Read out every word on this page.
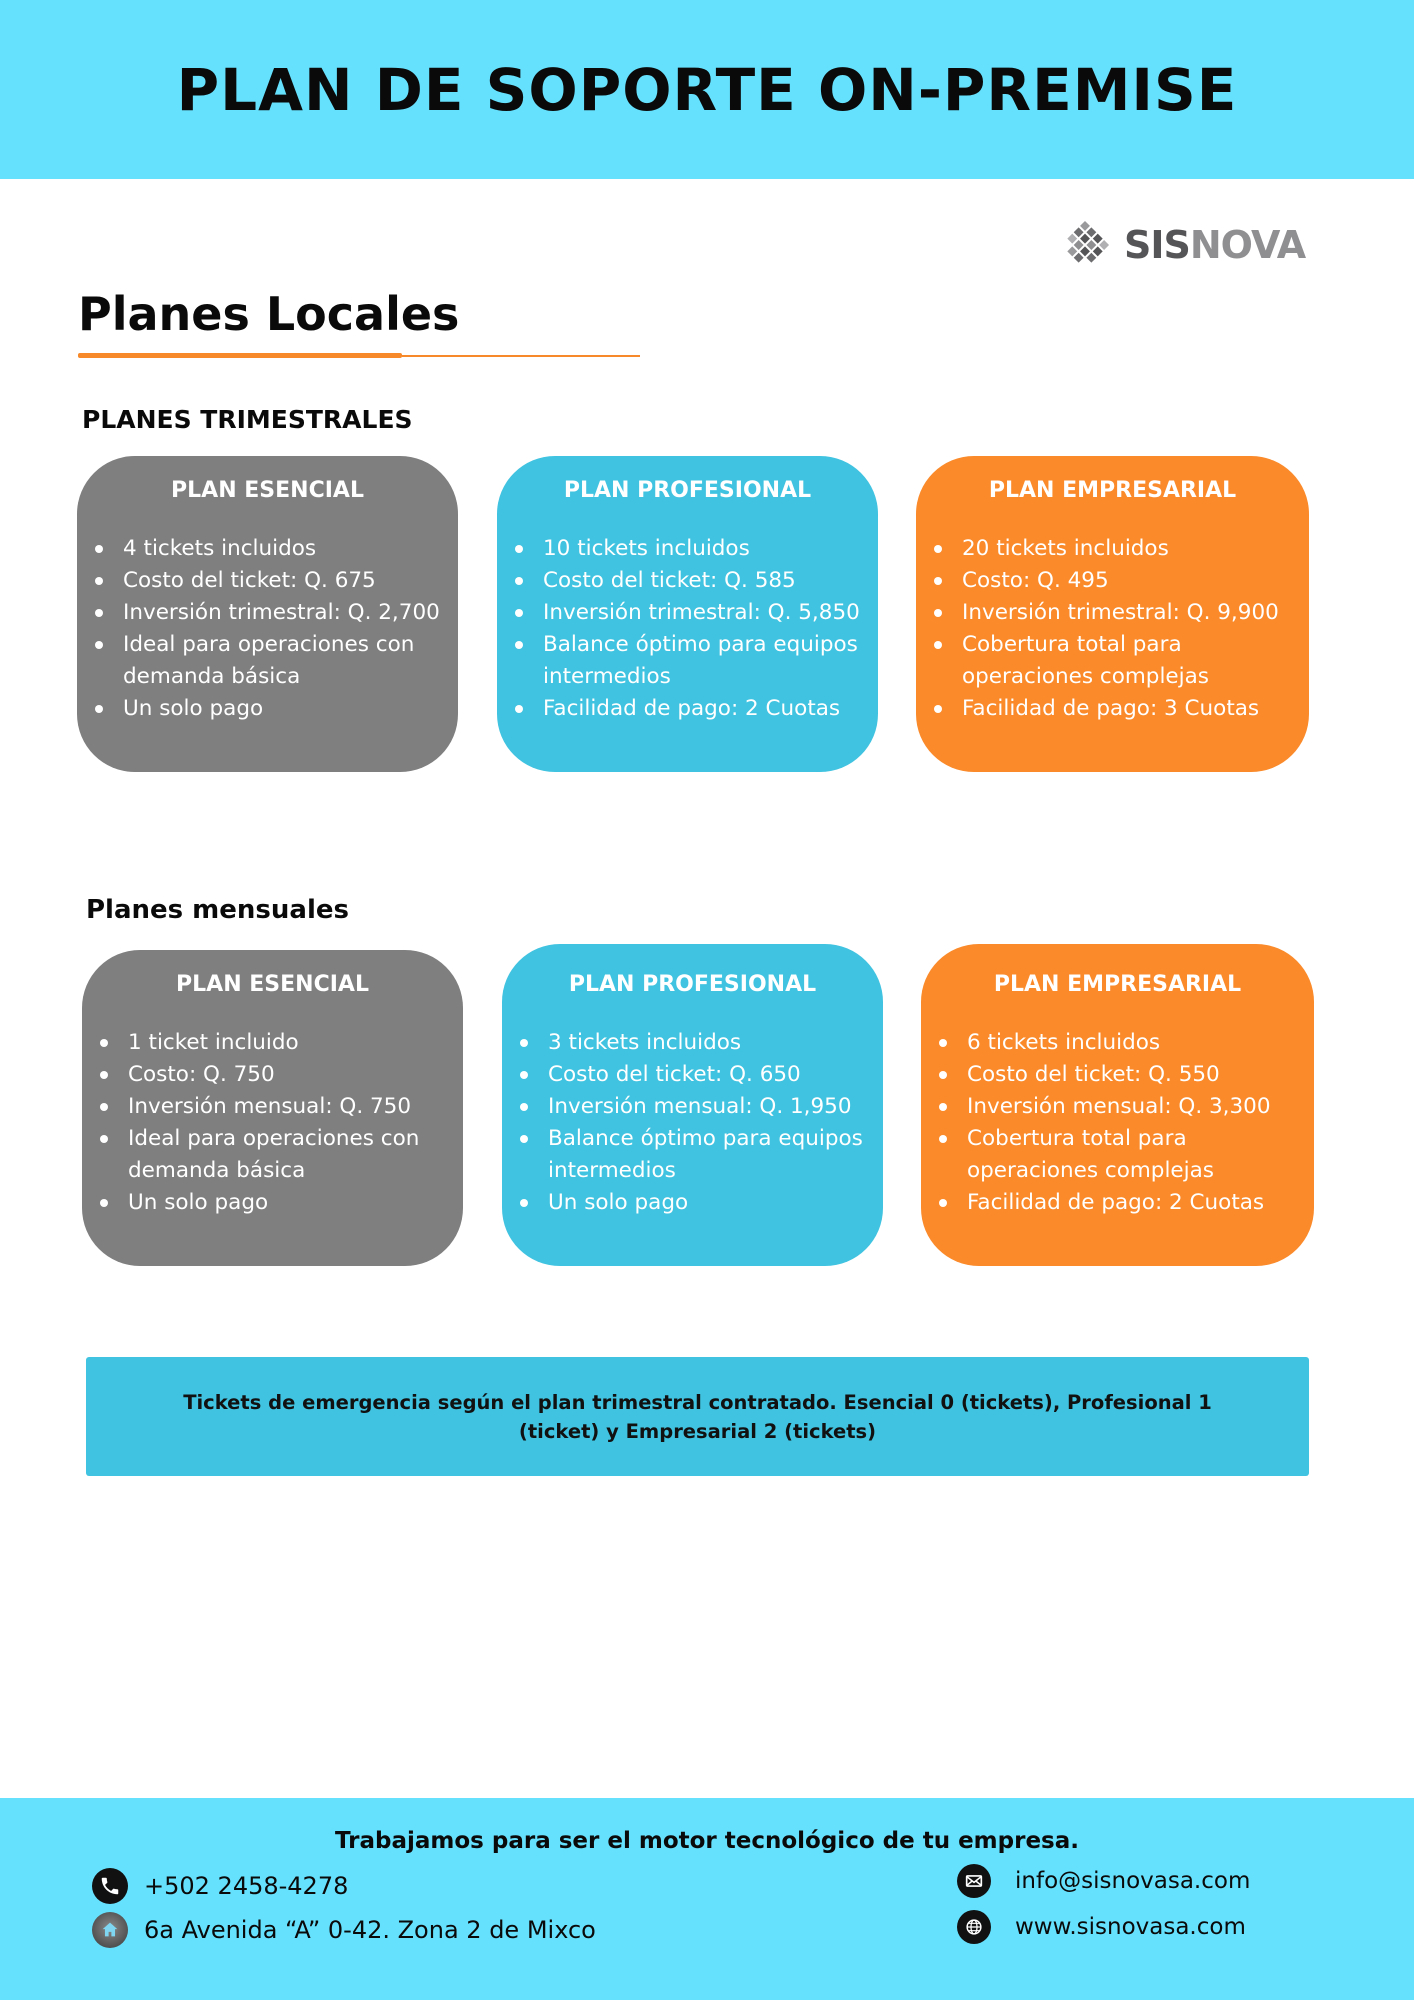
PLAN DE SOPORTE ON-PREMISE
SISNOVA
Planes Locales
PLANES TRIMESTRALES
PLAN ESENCIAL
4 tickets incluidos
Costo del ticket: Q. 675
Inversión trimestral: Q. 2,700
Ideal para operaciones con demanda básica
Un solo pago
PLAN PROFESIONAL
10 tickets incluidos
Costo del ticket: Q. 585
Inversión trimestral: Q. 5,850
Balance óptimo para equipos intermedios
Facilidad de pago: 2 Cuotas
PLAN EMPRESARIAL
20 tickets incluidos
Costo: Q. 495
Inversión trimestral: Q. 9,900
Cobertura total para operaciones complejas
Facilidad de pago: 3 Cuotas
Planes mensuales
PLAN ESENCIAL
1 ticket incluido
Costo: Q. 750
Inversión mensual: Q. 750
Ideal para operaciones con demanda básica
Un solo pago
PLAN PROFESIONAL
3 tickets incluidos
Costo del ticket: Q. 650
Inversión mensual: Q. 1,950
Balance óptimo para equipos intermedios
Un solo pago
PLAN EMPRESARIAL
6 tickets incluidos
Costo del ticket: Q. 550
Inversión mensual: Q. 3,300
Cobertura total para operaciones complejas
Facilidad de pago: 2 Cuotas

Tickets de emergencia según el plan trimestral contratado. Esencial 0 (tickets), Profesional 1 (ticket) y Empresarial 2 (tickets)

Trabajamos para ser el motor tecnológico de tu empresa.
+502 2458-4278
6a Avenida “A” 0-42. Zona 2 de Mixco
info@sisnovasa.com
www.sisnovasa.com
